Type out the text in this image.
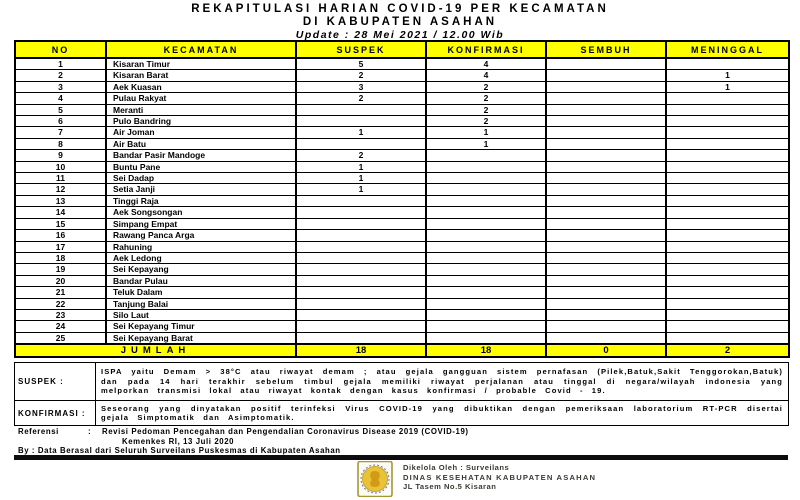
REKAPITULASI HARIAN COVID-19 PER KECAMATAN
DI KABUPATEN ASAHAN
Update : 28 Mei 2021 / 12.00 Wib
NO	KECAMATAN	SUSPEK	KONFIRMASI	SEMBUH	MENINGGAL
1	Kisaran Timur	5	4		
2	Kisaran Barat	2	4		1
3	Aek Kuasan	3	2		1
4	Pulau Rakyat	2	2		
5	Meranti		2		
6	Pulo Bandring		2		
7	Air Joman	1	1		
8	Air Batu		1		
9	Bandar Pasir Mandoge	2			
10	Buntu Pane	1			
11	Sei Dadap	1			
12	Setia Janji	1			
13	Tinggi Raja				
14	Aek Songsongan				
15	Simpang Empat				
16	Rawang Panca Arga				
17	Rahuning				
18	Aek Ledong				
19	Sei Kepayang				
20	Bandar Pulau				
21	Teluk Dalam				
22	Tanjung Balai				
23	Silo Laut				
24	Sei Kepayang Timur				
25	Sei Kepayang Barat				
JUMLAH		18	18	0	2
SUSPEK :	ISPA yaitu Demam > 38°C atau riwayat demam ; atau gejala gangguan sistem pernafasan (Pilek,Batuk,Sakit Tenggorokan,Batuk) dan pada 14 hari terakhir sebelum timbul gejala memiliki riwayat perjalanan atau tinggal di negara/wilayah indonesia yang melporkan transmisi lokal atau riwayat kontak dengan kasus konfirmasi / probable Covid - 19.
KONFIRMASI :	Seseorang yang dinyatakan positif terinfeksi Virus COVID-19 yang dibuktikan dengan pemeriksaan laboratorium RT-PCR disertai gejala Simptomatik dan Asimptomatik.
Referensi	:	Revisi Pedoman Pencegahan dan Pengendalian Coronavirus Disease 2019 (COVID-19)
Kemenkes RI, 13 Juli 2020
By : Data Berasal dari Seluruh Surveilans Puskesmas di Kabupaten Asahan
Dikelola Oleh : Surveilans
DINAS KESEHATAN KABUPATEN ASAHAN
JL Tasem No.5 Kisaran
